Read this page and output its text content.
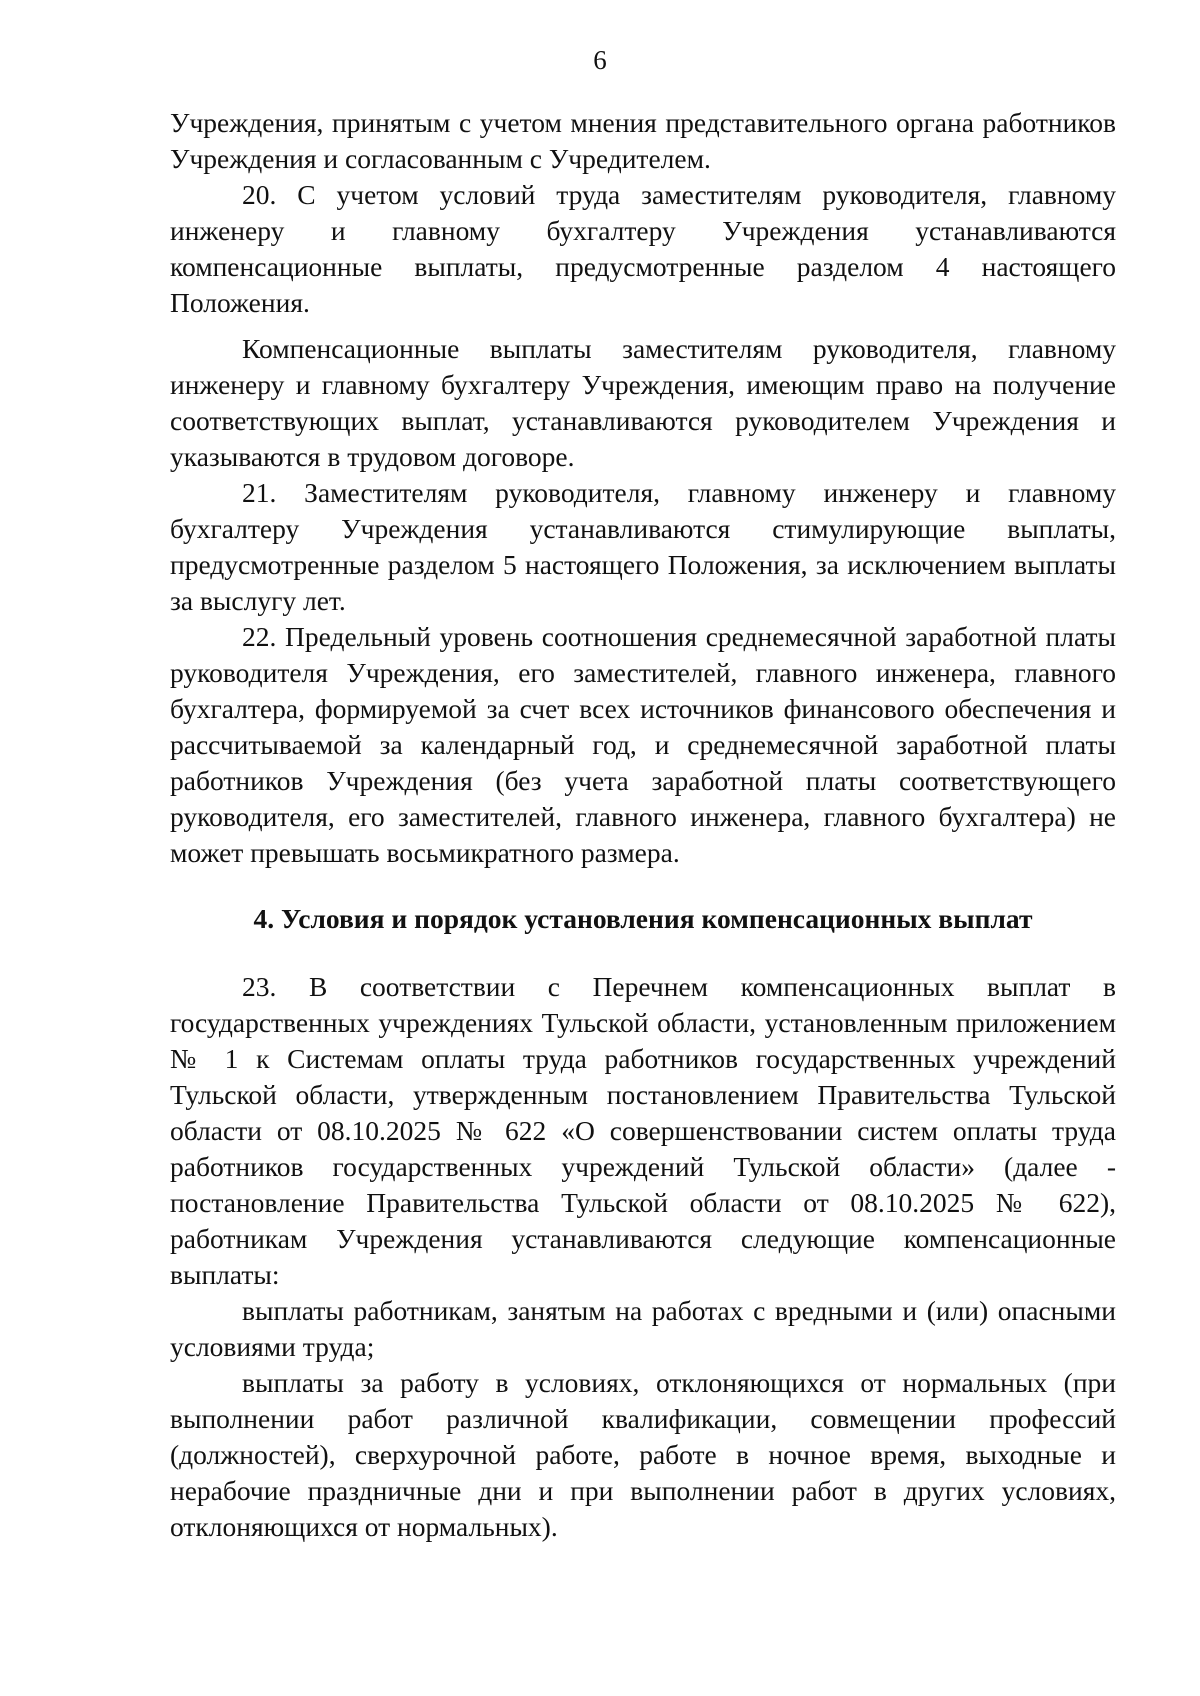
6

Учреждения, принятым с учетом мнения представительного органа работников Учреждения и согласованным с Учредителем.

20. С учетом условий труда заместителям руководителя, главному инженеру и главному бухгалтеру Учреждения устанавливаются компенсационные выплаты, предусмотренные разделом 4 настоящего Положения.

Компенсационные выплаты заместителям руководителя, главному инженеру и главному бухгалтеру Учреждения, имеющим право на получение соответствующих выплат, устанавливаются руководителем Учреждения и указываются в трудовом договоре.

21. Заместителям руководителя, главному инженеру и главному бухгалтеру Учреждения устанавливаются стимулирующие выплаты, предусмотренные разделом 5 настоящего Положения, за исключением выплаты за выслугу лет.

22. Предельный уровень соотношения среднемесячной заработной платы руководителя Учреждения, его заместителей, главного инженера, главного бухгалтера, формируемой за счет всех источников финансового обеспечения и рассчитываемой за календарный год, и среднемесячной заработной платы работников Учреждения (без учета заработной платы соответствующего руководителя, его заместителей, главного инженера, главного бухгалтера) не может превышать восьмикратного размера.

4. Условия и порядок установления компенсационных выплат

23. В соответствии с Перечнем компенсационных выплат в государственных учреждениях Тульской области, установленным приложением № 1 к Системам оплаты труда работников государственных учреждений Тульской области, утвержденным постановлением Правительства Тульской области от 08.10.2025 № 622 «О совершенствовании систем оплаты труда работников государственных учреждений Тульской области» (далее - постановление Правительства Тульской области от 08.10.2025 № 622), работникам Учреждения устанавливаются следующие компенсационные выплаты:

выплаты работникам, занятым на работах с вредными и (или) опасными условиями труда;

выплаты за работу в условиях, отклоняющихся от нормальных (при выполнении работ различной квалификации, совмещении профессий (должностей), сверхурочной работе, работе в ночное время, выходные и нерабочие праздничные дни и при выполнении работ в других условиях, отклоняющихся от нормальных).
